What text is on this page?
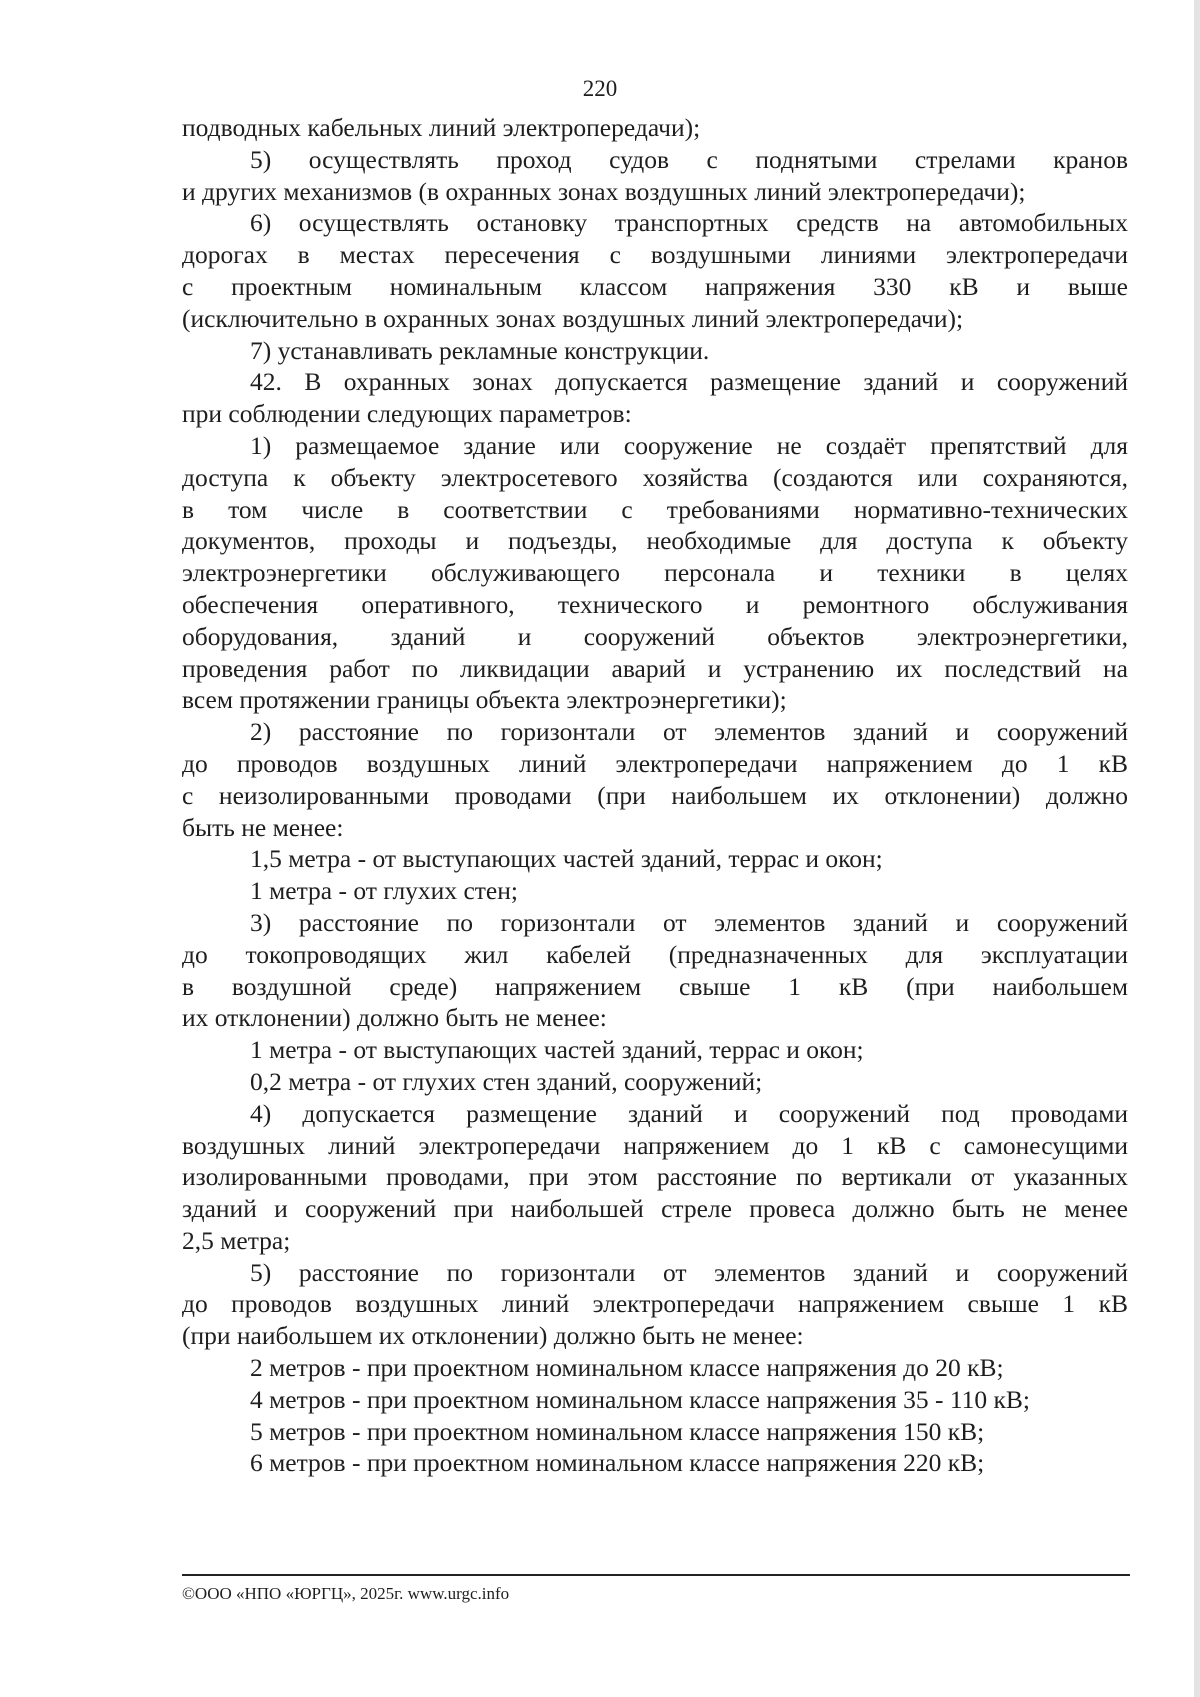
220

подводных кабельных линий электропередачи);

5) осуществлять проход судов с поднятыми стрелами кранов

и других механизмов (в охранных зонах воздушных линий электропередачи);

6) осуществлять остановку транспортных средств на автомобильных

дорогах в местах пересечения с воздушными линиями электропередачи

с проектным номинальным классом напряжения 330 кВ и выше

(исключительно в охранных зонах воздушных линий электропередачи);

7) устанавливать рекламные конструкции.

42. В охранных зонах допускается размещение зданий и сооружений

при соблюдении следующих параметров:

1) размещаемое здание или сооружение не создаёт препятствий для

доступа к объекту электросетевого хозяйства (создаются или сохраняются,

в том числе в соответствии с требованиями нормативно-технических

документов, проходы и подъезды, необходимые для доступа к объекту

электроэнергетики обслуживающего персонала и техники в целях

обеспечения оперативного, технического и ремонтного обслуживания

оборудования, зданий и сооружений объектов электроэнергетики,

проведения работ по ликвидации аварий и устранению их последствий на

всем протяжении границы объекта электроэнергетики);

2) расстояние по горизонтали от элементов зданий и сооружений

до проводов воздушных линий электропередачи напряжением до 1 кВ

с неизолированными проводами (при наибольшем их отклонении) должно

быть не менее:

1,5 метра - от выступающих частей зданий, террас и окон;

1 метра - от глухих стен;

3) расстояние по горизонтали от элементов зданий и сооружений

до токопроводящих жил кабелей (предназначенных для эксплуатации

в воздушной среде) напряжением свыше 1 кВ (при наибольшем

их отклонении) должно быть не менее:

1 метра - от выступающих частей зданий, террас и окон;

0,2 метра - от глухих стен зданий, сооружений;

4) допускается размещение зданий и сооружений под проводами

воздушных линий электропередачи напряжением до 1 кВ с самонесущими

изолированными проводами, при этом расстояние по вертикали от указанных

зданий и сооружений при наибольшей стреле провеса должно быть не менее

2,5 метра;

5) расстояние по горизонтали от элементов зданий и сооружений

до проводов воздушных линий электропередачи напряжением свыше 1 кВ

(при наибольшем их отклонении) должно быть не менее:

2 метров - при проектном номинальном классе напряжения до 20 кВ;

4 метров - при проектном номинальном классе напряжения 35 - 110 кВ;

5 метров - при проектном номинальном классе напряжения 150 кВ;

6 метров - при проектном номинальном классе напряжения 220 кВ;

©ООО «НПО «ЮРГЦ», 2025г. www.urgc.info
